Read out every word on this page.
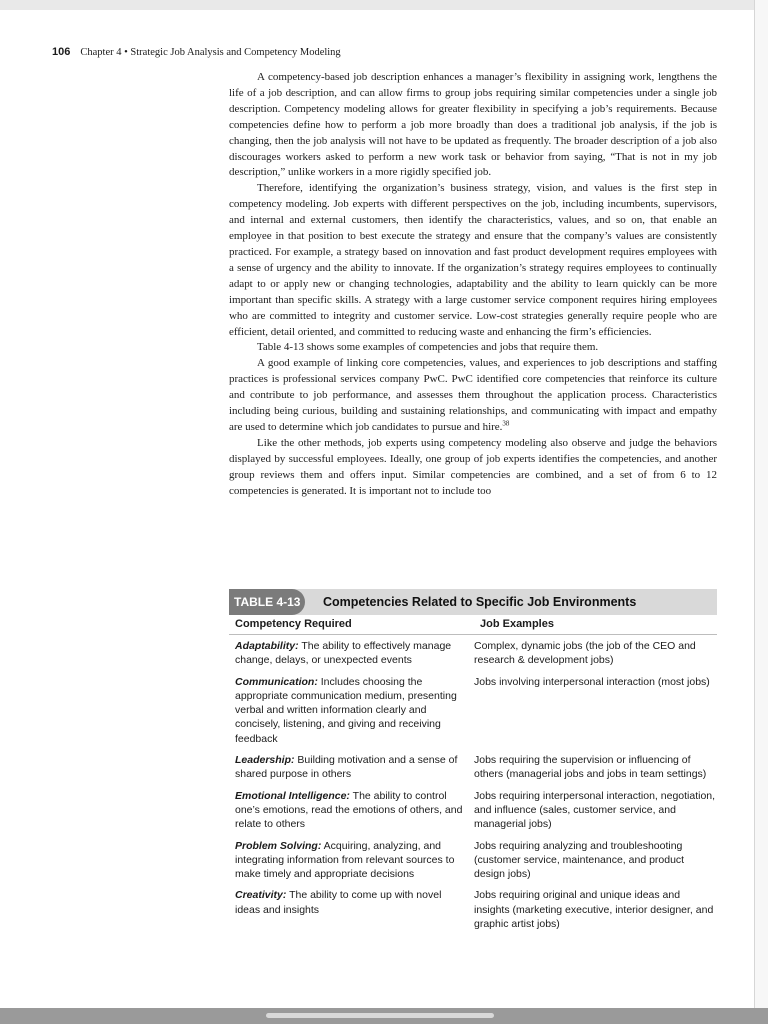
106 Chapter 4 • Strategic Job Analysis and Competency Modeling

A competency-based job description enhances a manager’s flexibility in assigning work, lengthens the life of a job description, and can allow firms to group jobs requiring similar competencies under a single job description. Competency modeling allows for greater flexibility in specifying a job’s requirements. Because competencies define how to perform a job more broadly than does a traditional job analysis, if the job is changing, then the job analysis will not have to be updated as frequently. The broader description of a job also discourages workers asked to perform a new work task or behavior from saying, “That is not in my job description,” unlike workers in a more rigidly specified job.

Therefore, identifying the organization’s business strategy, vision, and values is the first step in competency modeling. Job experts with different perspectives on the job, including incumbents, supervisors, and internal and external customers, then identify the characteristics, values, and so on, that enable an employee in that position to best execute the strategy and ensure that the company’s values are consistently practiced. For example, a strategy based on innovation and fast product development requires employees with a sense of urgency and the ability to innovate. If the organization’s strategy requires employees to continually adapt to or apply new or changing technologies, adaptability and the ability to learn quickly can be more important than specific skills. A strategy with a large customer service component requires hiring employees who are committed to integrity and customer service. Low-cost strategies generally require people who are efficient, detail oriented, and committed to reducing waste and enhancing the firm’s efficiencies.

Table 4-13 shows some examples of competencies and jobs that require them.

A good example of linking core competencies, values, and experiences to job descriptions and staffing practices is professional services company PwC. PwC identified core competencies that reinforce its culture and contribute to job performance, and assesses them throughout the application process. Characteristics including being curious, building and sustaining relationships, and communicating with impact and empathy are used to determine which job candidates to pursue and hire.$^{38}$

Like the other methods, job experts using competency modeling also observe and judge the behaviors displayed by successful employees. Ideally, one group of job experts identifies the competencies, and another group reviews them and offers input. Similar competencies are combined, and a set of from 6 to 12 competencies is generated. It is important not to include too

TABLE 4-13	Competencies Related to Specific Job Environments
Competency Required	Job Examples
Adaptability: The ability to effectively manage change, delays, or unexpected events
Complex, dynamic jobs (the job of the CEO and research & development jobs)
Communication: Includes choosing the appropriate communication medium, presenting verbal and written information clearly and concisely, listening, and giving and receiving feedback
Jobs involving interpersonal interaction (most jobs)
Leadership: Building motivation and a sense of shared purpose in others
Jobs requiring the supervision or influencing of others (managerial jobs and jobs in team settings)
Emotional Intelligence: The ability to control one’s emotions, read the emotions of others, and relate to others
Jobs requiring interpersonal interaction, negotiation, and influence (sales, customer service, and managerial jobs)
Problem Solving: Acquiring, analyzing, and integrating information from relevant sources to make timely and appropriate decisions
Jobs requiring analyzing and troubleshooting (customer service, maintenance, and product design jobs)
Creativity: The ability to come up with novel ideas and insights
Jobs requiring original and unique ideas and insights (marketing executive, interior designer, and graphic artist jobs)
